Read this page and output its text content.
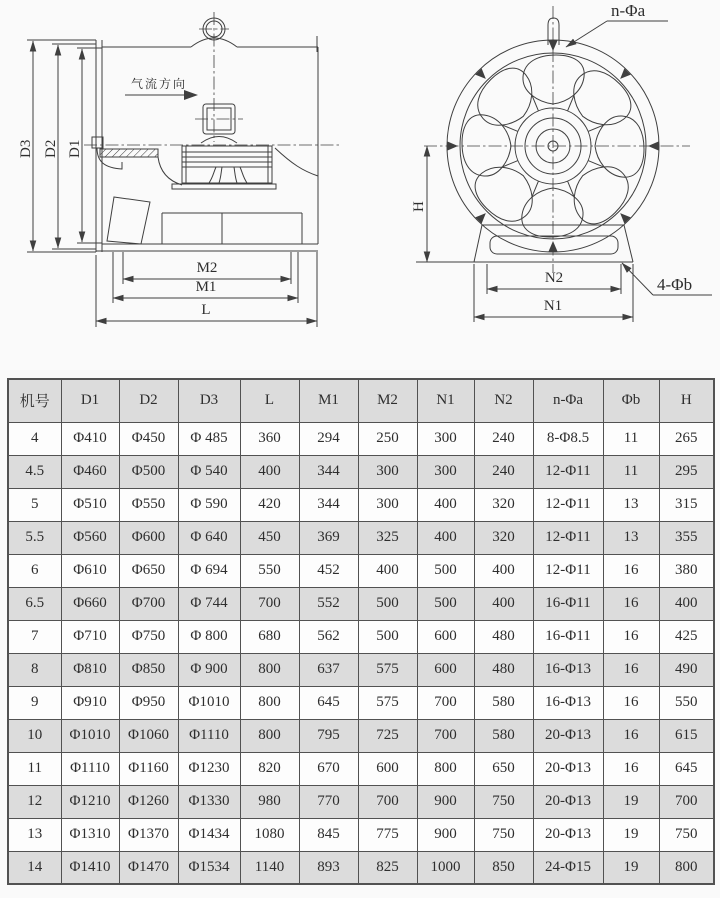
气流方向
D3 D2 D1
M2
M1
L
H
N2
N1
n-Φa
4-Φb
机号	D1	D2	D3	L	M1	M2	N1	N2	n-Φa	Φb	H
4	Φ410	Φ450	Φ 485	360	294	250	300	240	8-Φ8.5	11	265
4.5	Φ460	Φ500	Φ 540	400	344	300	300	240	12-Φ11	11	295
5	Φ510	Φ550	Φ 590	420	344	300	400	320	12-Φ11	13	315
5.5	Φ560	Φ600	Φ 640	450	369	325	400	320	12-Φ11	13	355
6	Φ610	Φ650	Φ 694	550	452	400	500	400	12-Φ11	16	380
6.5	Φ660	Φ700	Φ 744	700	552	500	500	400	16-Φ11	16	400
7	Φ710	Φ750	Φ 800	680	562	500	600	480	16-Φ11	16	425
8	Φ810	Φ850	Φ 900	800	637	575	600	480	16-Φ13	16	490
9	Φ910	Φ950	Φ1010	800	645	575	700	580	16-Φ13	16	550
10	Φ1010	Φ1060	Φ1110	800	795	725	700	580	20-Φ13	16	615
11	Φ1110	Φ1160	Φ1230	820	670	600	800	650	20-Φ13	16	645
12	Φ1210	Φ1260	Φ1330	980	770	700	900	750	20-Φ13	19	700
13	Φ1310	Φ1370	Φ1434	1080	845	775	900	750	20-Φ13	19	750
14	Φ1410	Φ1470	Φ1534	1140	893	825	1000	850	24-Φ15	19	800
